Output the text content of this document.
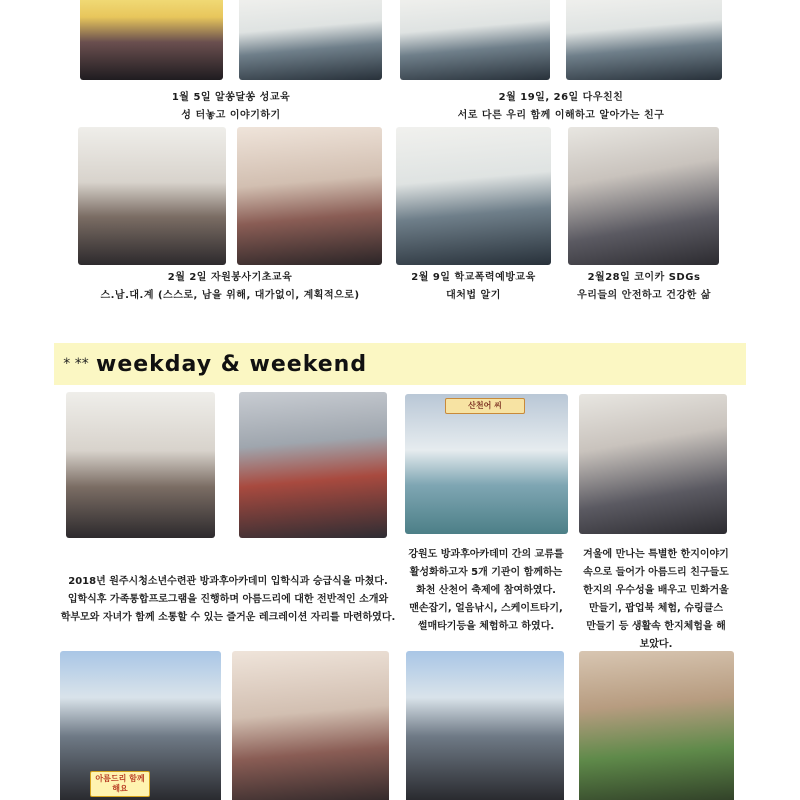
1월 5일 알쏭달쏭 성교육
성 터놓고 이야기하기
2월 19일, 26일 다우친친
서로 다른 우리 함께 이해하고 알아가는 친구
2월 2일 자원봉사기초교육
스.남.대.계 (스스로, 남을 위해, 대가없이, 계획적으로)
2월 9일 학교폭력예방교육
대처법 알기
2월28일 코이카 SDGs
우리들의 안전하고 건강한 삶
* ** weekday & weekend
산천어 씨
2018년 원주시청소년수련관 방과후아카데미 입학식과 승급식을 마쳤다.
입학식후 가족통합프로그램을 진행하며 아름드리에 대한 전반적인 소개와
학부모와 자녀가 함께 소통할 수 있는 즐거운 레크레이션 자리를 마련하였다.
강원도 방과후아카데미 간의 교류를
활성화하고자 5개 기관이 함께하는
화천 산천어 축제에 참여하였다.
맨손잡기, 얼음낚시, 스케이트타기,
썰매타기등을 체험하고 하였다.
겨울에 만나는 특별한 한지이야기
속으로 들어가 아름드리 친구들도
한지의 우수성을 배우고 민화거울
만들기, 팝업북 체험, 슈링클스
만들기 등 생활속 한지체험을 해
보았다.
아름드리 함께 해요
